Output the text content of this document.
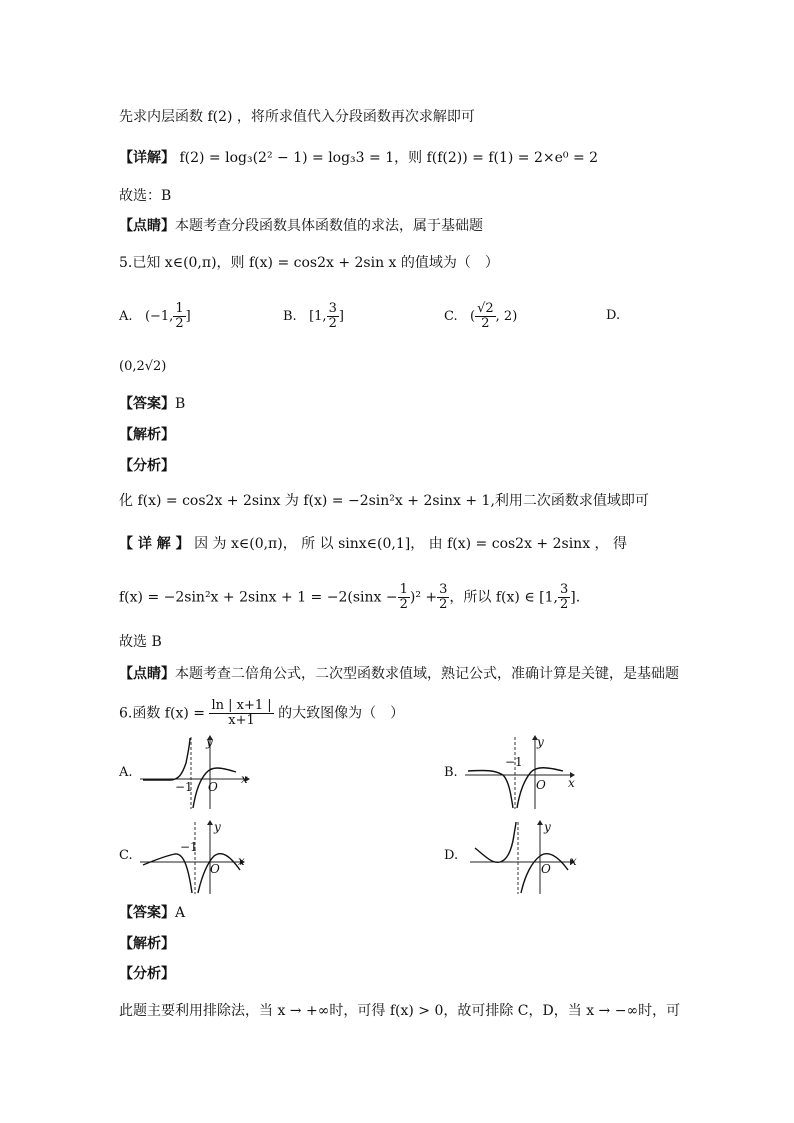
先求内层函数 f(2) ，将所求值代入分段函数再次求解即可
【详解】 f(2) = log₃(2² − 1) = log₃3 = 1，则 f(f(2)) = f(1) = 2×e⁰ = 2
故选：B
【点睛】本题考查分段函数具体函数值的求法，属于基础题
5.已知 x∈(0,π)，则 f(x) = cos2x + 2sin x 的值域为（　）
A. (−1, $\frac{1}{2}$ ]	B. [1, $\frac{3}{2}$ ]	C.   ( $\frac{√2}{2}$ , 2)	D.
(0,2√2)
【答案】B
【解析】
【分析】
化 f(x) = cos2x + 2sinx 为 f(x) = −2sin²x + 2sinx + 1,利用二次函数求值域即可
【 详 解 】 因 为 x∈(0,π)， 所 以 sinx∈(0,1]， 由 f(x) = cos2x + 2sinx ， 得
$f(x) = -2\sin^2x + 2\sin x + 1 = -2(\sin x - \frac{1}{2} )^2 + \frac{3}{2}$ ，所以 f(x) ∈ [1, $\frac{3}{2}$ ].
故选 B
【点睛】本题考查二倍角公式，二次型函数求值域，熟记公式，准确计算是关键，是基础题
6.函数 $f(x) = \frac{\ln | x+1 |}{x+1}$ 的大致图像为（　）
A.	B.
C.	D.
y
x
O
−1
y
x
O
−1
y
x
O
−1
y
x
O
【答案】A
【解析】
【分析】
此题主要利用排除法，当 x → +∞时，可得 f(x) > 0，故可排除 C，D，当 x → −∞时，可
